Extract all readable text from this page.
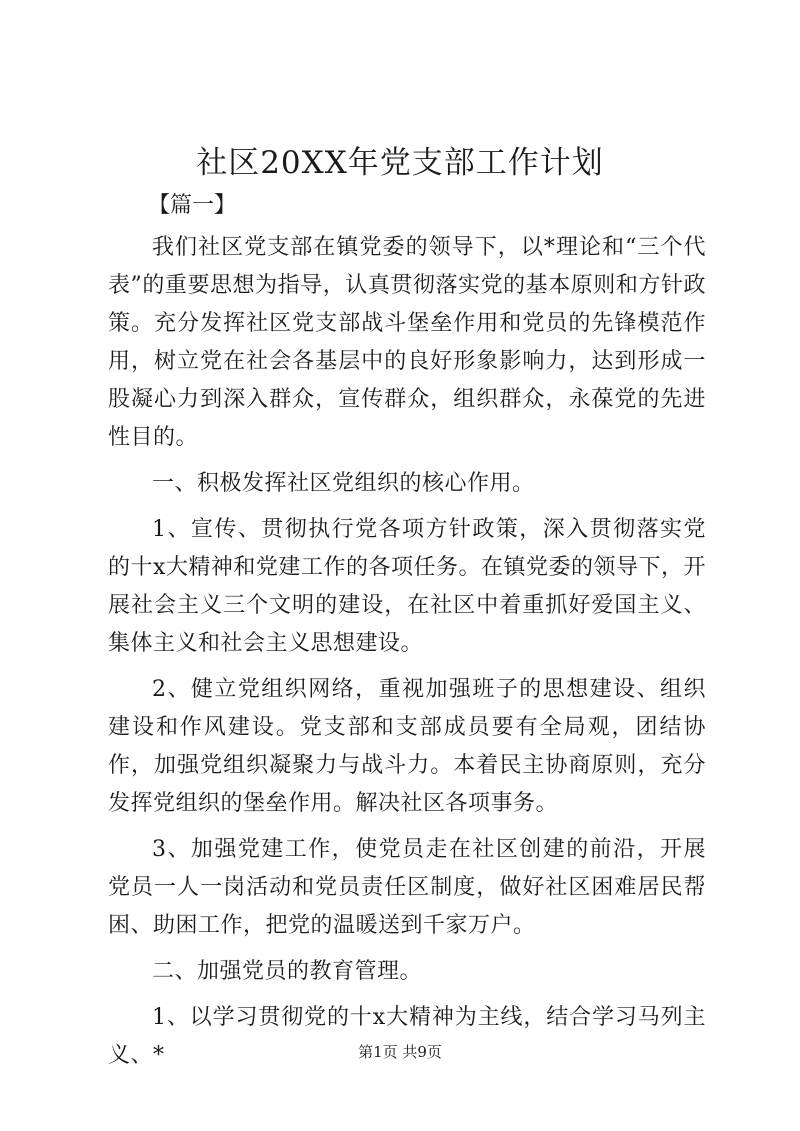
社区20XX年党支部工作计划
【篇一】

我们社区党支部在镇党委的领导下，以*理论和“三个代表”的重要思想为指导，认真贯彻落实党的基本原则和方针政策。充分发挥社区党支部战斗堡垒作用和党员的先锋模范作用，树立党在社会各基层中的良好形象影响力，达到形成一股凝心力到深入群众，宣传群众，组织群众，永葆党的先进性目的。

一、积极发挥社区党组织的核心作用。

1、宣传、贯彻执行党各项方针政策，深入贯彻落实党的十x大精神和党建工作的各项任务。在镇党委的领导下，开展社会主义三个文明的建设，在社区中着重抓好爱国主义、集体主义和社会主义思想建设。

2、健立党组织网络，重视加强班子的思想建设、组织建设和作风建设。党支部和支部成员要有全局观，团结协作，加强党组织凝聚力与战斗力。本着民主协商原则，充分发挥党组织的堡垒作用。解决社区各项事务。

3、加强党建工作，使党员走在社区创建的前沿，开展党员一人一岗活动和党员责任区制度，做好社区困难居民帮困、助困工作，把党的温暖送到千家万户。

二、加强党员的教育管理。

1、以学习贯彻党的十x大精神为主线，结合学习马列主义、*	第1页 共9页
